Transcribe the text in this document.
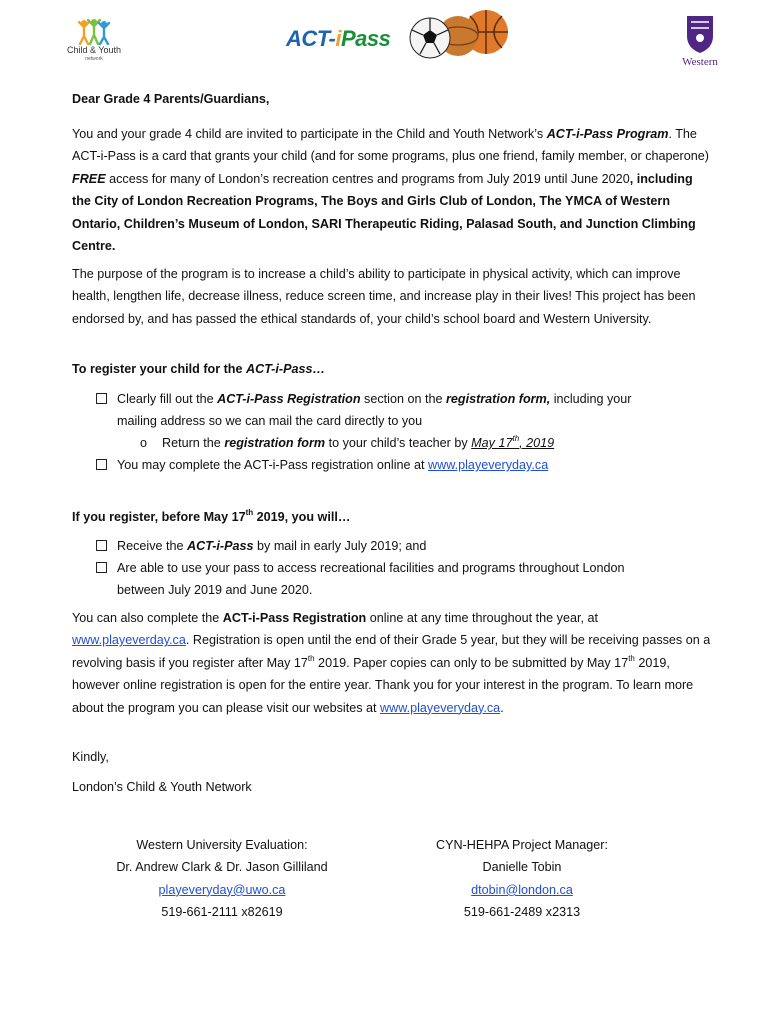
Child & Youth
network
ACT-iPass
Western

Dear Grade 4 Parents/Guardians,

You and your grade 4 child are invited to participate in the Child and Youth Network’s ACT-i-Pass Program. The ACT-i-Pass is a card that grants your child (and for some programs, plus one friend, family member, or chaperone) FREE access for many of London’s recreation centres and programs from July 2019 until June 2020, including the City of London Recreation Programs, The Boys and Girls Club of London, The YMCA of Western Ontario, Children’s Museum of London, SARI Therapeutic Riding, Palasad South, and Junction Climbing Centre.

The purpose of the program is to increase a child’s ability to participate in physical activity, which can improve health, lengthen life, decrease illness, reduce screen time, and increase play in their lives! This project has been endorsed by, and has passed the ethical standards of, your child’s school board and Western University.

To register your child for the ACT-i-Pass…

Clearly fill out the ACT-i-Pass Registration section on the registration form, including your
mailing address so we can mail the card directly to you
o Return the registration form to your child’s teacher by May 17th, 2019
You may complete the ACT-i-Pass registration online at www.playeveryday.ca

If you register, before May 17th 2019, you will…

Receive the ACT-i-Pass by mail in early July 2019; and
Are able to use your pass to access recreational facilities and programs throughout London
between July 2019 and June 2020.

You can also complete the ACT-i-Pass Registration online at any time throughout the year, at www.playeverday.ca. Registration is open until the end of their Grade 5 year, but they will be receiving passes on a revolving basis if you register after May 17th 2019. Paper copies can only to be submitted by May 17th 2019, however online registration is open for the entire year. Thank you for your interest in the program. To learn more about the program you can please visit our websites at www.playeveryday.ca.

Kindly,

London’s Child & Youth Network

Western University Evaluation:
Dr. Andrew Clark & Dr. Jason Gilliland
playeveryday@uwo.ca
519-661-2111 x82619
CYN-HEHPA Project Manager:
Danielle Tobin
dtobin@london.ca
519-661-2489 x2313
